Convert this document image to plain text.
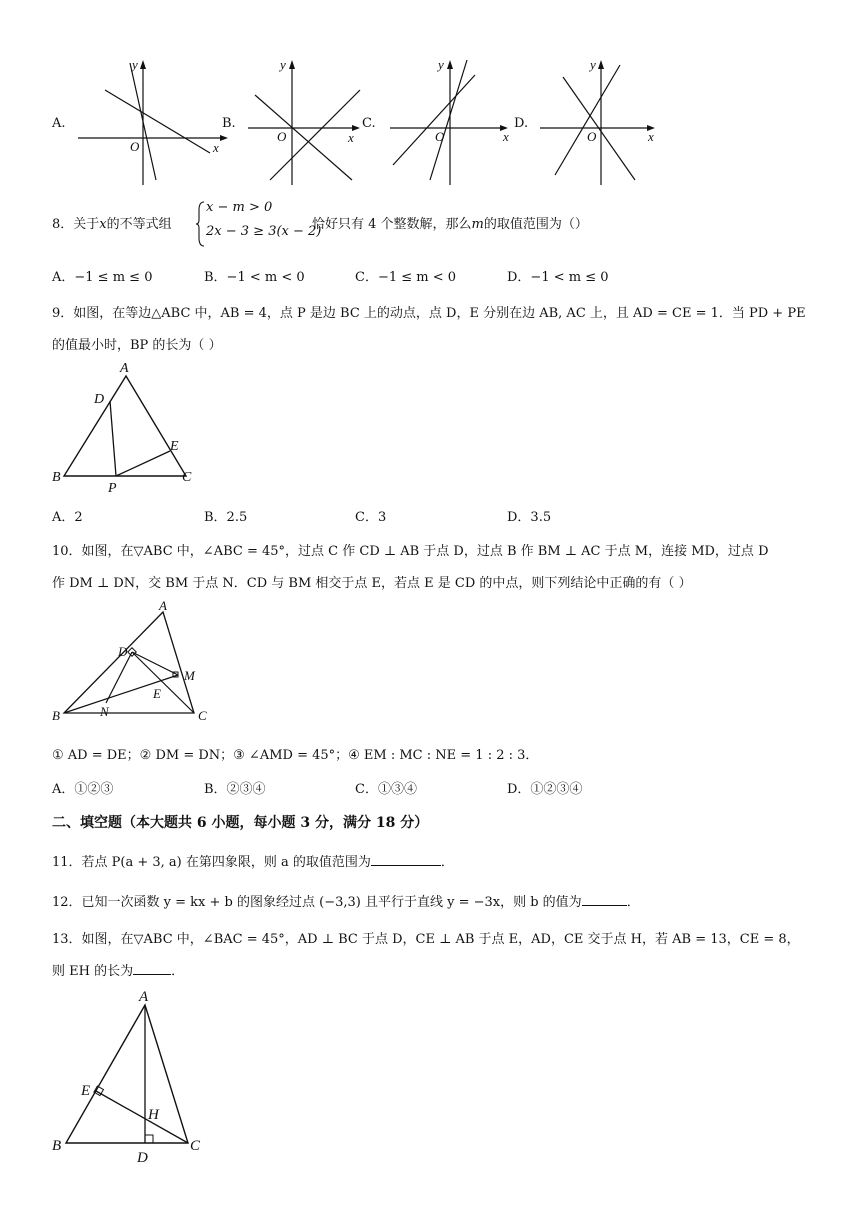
A.
y
x
O
B.
y
x
O
C.
y
x
O
D.
y
x
O
8．关于x的不等式组
x − m > 0
2x − 3 ≥ 3(x − 2)
恰好只有 4 个整数解，那么m的取值范围为（）
A．−1 ≤ m ≤ 0	B．−1 < m < 0	C．−1 ≤ m < 0	D．−1 < m ≤ 0
9．如图，在等边△ABC 中，AB = 4，点 P 是边 BC 上的动点，点 D，E 分别在边 AB, AC 上，且 AD = CE = 1．当 PD + PE
的值最小时，BP 的长为（ ）
A
D
E
B	C
P
A．2	B．2.5	C．3	D．3.5
10．如图，在▽ABC 中，∠ABC = 45°，过点 C 作 CD ⊥ AB 于点 D，过点 B 作 BM ⊥ AC 于点 M，连接 MD，过点 D
作 DM ⊥ DN，交 BM 于点 N．CD 与 BM 相交于点 E，若点 E 是 CD 的中点，则下列结论中正确的有（ ）
A
D
M
E
N
B	C
① AD = DE；② DM = DN；③ ∠AMD = 45°；④ EM : MC : NE = 1 : 2 : 3．
A．①②③	B．②③④	C．①③④	D．①②③④
二、填空题（本大题共 6 小题，每小题 3 分，满分 18 分）
11．若点 P(a + 3, a) 在第四象限，则 a 的取值范围为	．
12．已知一次函数 y = kx + b 的图象经过点 (−3,3) 且平行于直线 y = −3x，则 b 的值为	．
13．如图，在▽ABC 中，∠BAC = 45°，AD ⊥ BC 于点 D，CE ⊥ AB 于点 E，AD，CE 交于点 H，若 AB = 13，CE = 8，
则 EH 的长为	．
A
E
H
B	C
D
